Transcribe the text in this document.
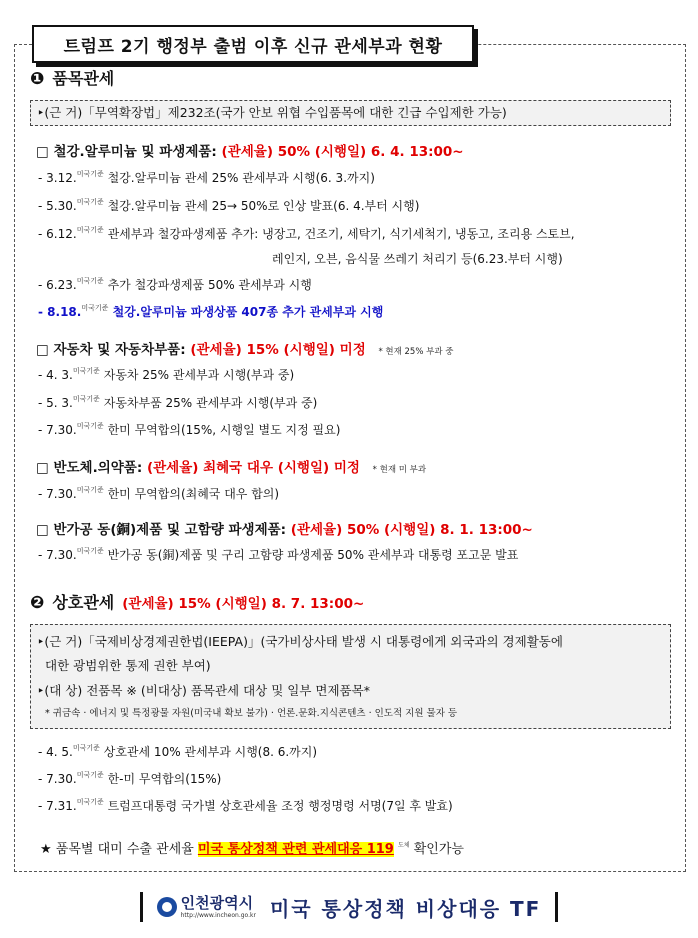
트럼프 2기 행정부 출범 이후 신규 관세부과 현황
❶ 품목관세
‣(근 거)「무역확장법」제232조(국가 안보 위협 수입품목에 대한 긴급 수입제한 가능)
□ 철강.알루미늄 및 파생제품: (관세율) 50% (시행일) 6. 4. 13:00~
- 3.12.$^{미국기준}$ 철강.알루미늄 관세 25% 관세부과 시행(6. 3.까지)
- 5.30.$^{미국기준}$ 철강.알루미늄 관세 25→ 50%로 인상 발표(6. 4.부터 시행)
- 6.12.$^{미국기준}$ 관세부과 철강파생제품 추가: 냉장고, 건조기, 세탁기, 식기세척기, 냉동고, 조리용 스토브,
레인지, 오븐, 음식물 쓰레기 처리기 등(6.23.부터 시행)
- 6.23.$^{미국기준}$ 추가 철강파생제품 50% 관세부과 시행
- 8.18.$^{미국기준}$ 철강.알루미늄 파생상품 407종 추가 관세부과 시행
□ 자동차 및 자동차부품: (관세율) 15% (시행일) 미정 * 현재 25% 부과 중
- 4. 3.$^{미국기준}$ 자동차 25% 관세부과 시행(부과 중)
- 5. 3.$^{미국기준}$ 자동차부품 25% 관세부과 시행(부과 중)
- 7.30.$^{미국기준}$ 한미 무역합의(15%, 시행일 별도 지정 필요)
□ 반도체.의약품: (관세율) 최혜국 대우 (시행일) 미정 * 현재 미 부과
- 7.30.$^{미국기준}$ 한미 무역합의(최혜국 대우 합의)
□ 반가공 동(銅)제품 및 고함량 파생제품: (관세율) 50% (시행일) 8. 1. 13:00~
- 7.30.$^{미국기준}$ 반가공 동(銅)제품 및 구리 고함량 파생제품 50% 관세부과 대통령 포고문 발표
❷ 상호관세 (관세율) 15% (시행일) 8. 7. 13:00~
‣(근 거)「국제비상경제권한법(IEEPA)」(국가비상사태 발생 시 대통령에게 외국과의 경제활동에
대한 광범위한 통제 권한 부여)
‣(대 상) 전품목 ※ (비대상) 품목관세 대상 및 일부 면제품목*
* 귀금속 · 에너지 및 특정광물 자원(미국내 확보 불가) · 언론.문화.지식콘텐츠 · 인도적 지원 물자 등
- 4. 5.$^{미국기준}$ 상호관세 10% 관세부과 시행(8. 6.까지)
- 7.30.$^{미국기준}$ 한-미 무역합의(15%)
- 7.31.$^{미국기준}$ 트럼프대통령 국가별 상호관세율 조정 행정명령 서명(7일 후 발효)
★ 품목별 대미 수출 관세율 미국 통상정책 관련 관세대응 119 $^{도체}$ 확인가능
인천광역시
http://www.incheon.go.kr 미국 통상정책 비상대응 TF
